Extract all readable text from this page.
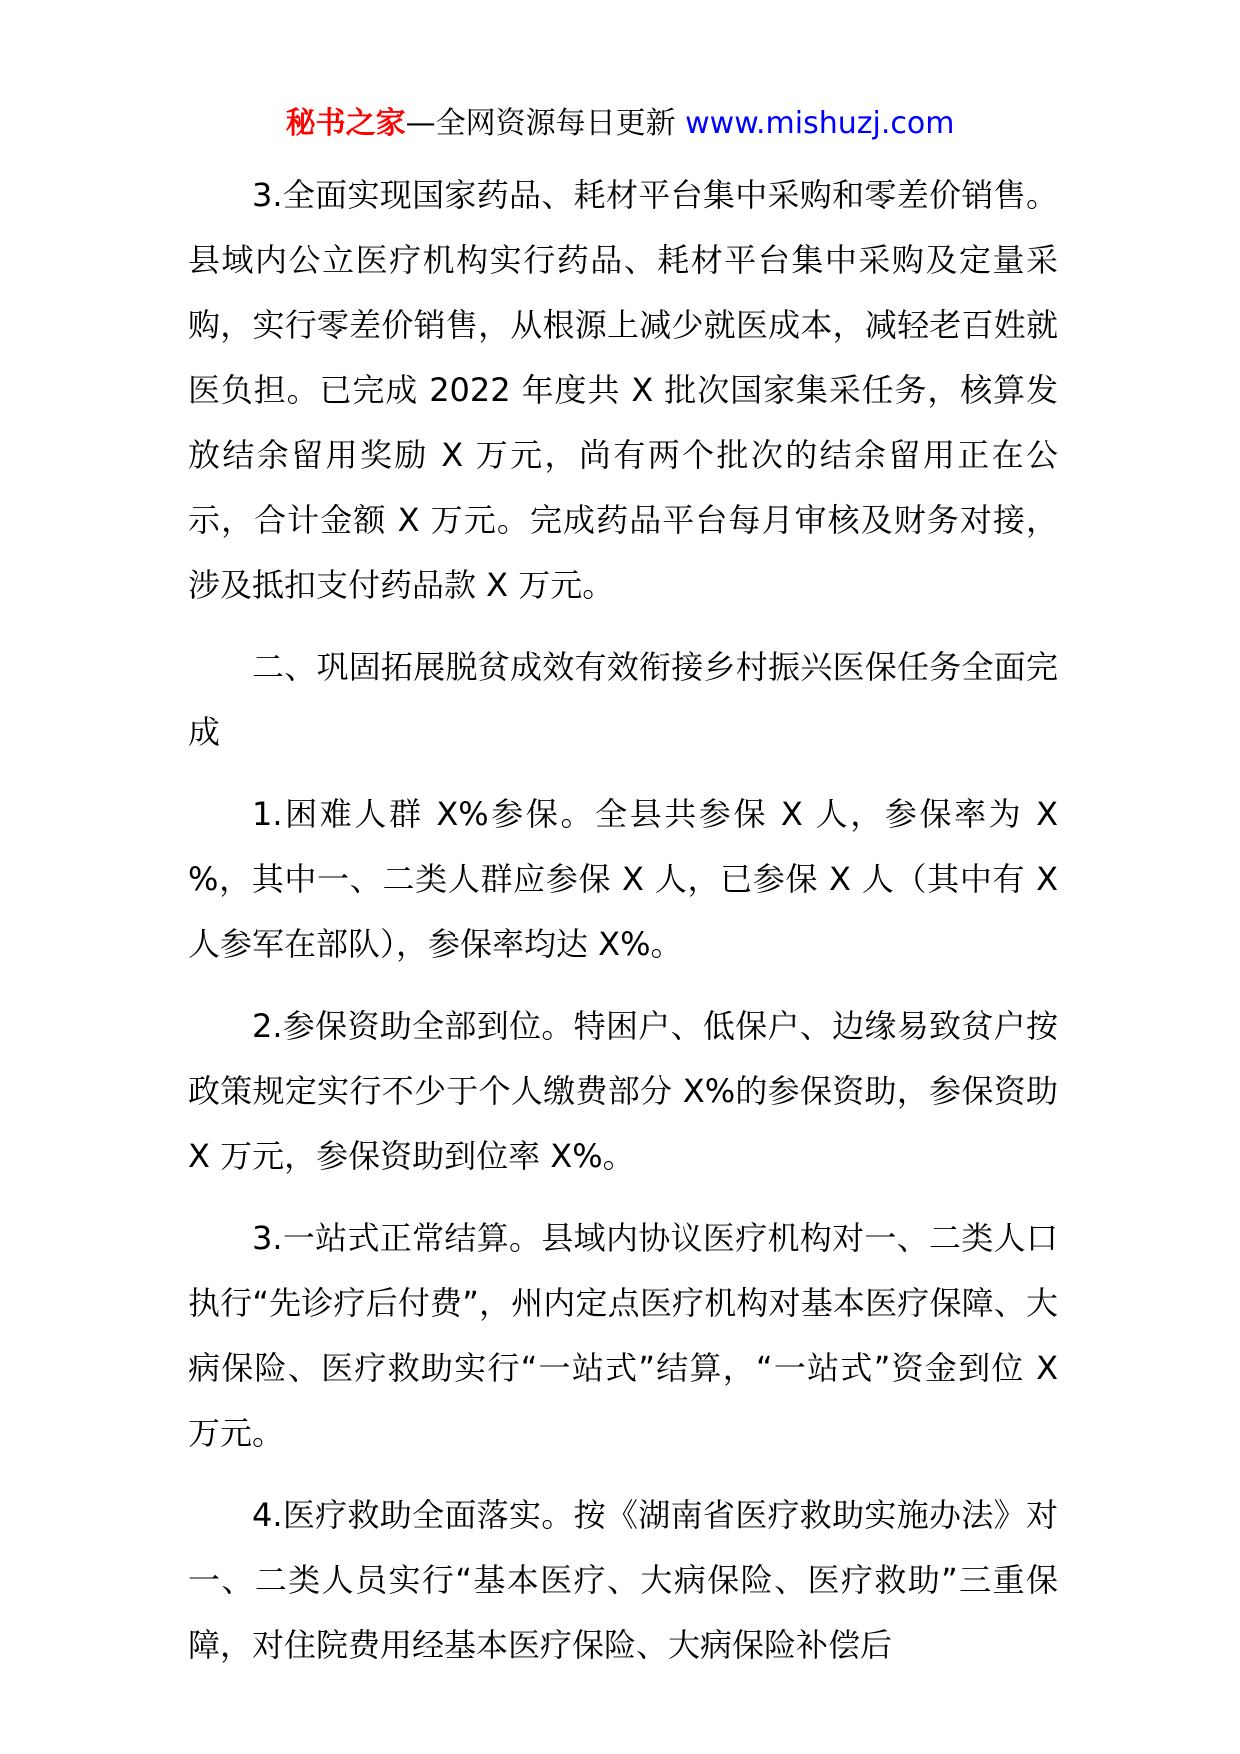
秘书之家—全网资源每日更新 www.mishuzj.com

3.全面实现国家药品、耗材平台集中采购和零差价销售。县域内公立医疗机构实行药品、耗材平台集中采购及定量采购，实行零差价销售，从根源上减少就医成本，减轻老百姓就医负担。已完成 2022 年度共 X 批次国家集采任务，核算发放结余留用奖励 X 万元，尚有两个批次的结余留用正在公示，合计金额 X 万元。完成药品平台每月审核及财务对接，涉及抵扣支付药品款 X 万元。

二、巩固拓展脱贫成效有效衔接乡村振兴医保任务全面完成

1.困难人群 X%参保。全县共参保 X 人，参保率为 X %，其中一、二类人群应参保 X 人，已参保 X 人（其中有 X 人参军在部队），参保率均达 X%。

2.参保资助全部到位。特困户、低保户、边缘易致贫户按政策规定实行不少于个人缴费部分 X%的参保资助，参保资助 X 万元，参保资助到位率 X%。

3.一站式正常结算。县域内协议医疗机构对一、二类人口执行“先诊疗后付费”，州内定点医疗机构对基本医疗保障、大病保险、医疗救助实行“一站式”结算，“一站式”资金到位 X 万元。

4.医疗救助全面落实。按《湖南省医疗救助实施办法》对一、二类人员实行“基本医疗、大病保险、医疗救助”三重保障，对住院费用经基本医疗保险、大病保险补偿后
